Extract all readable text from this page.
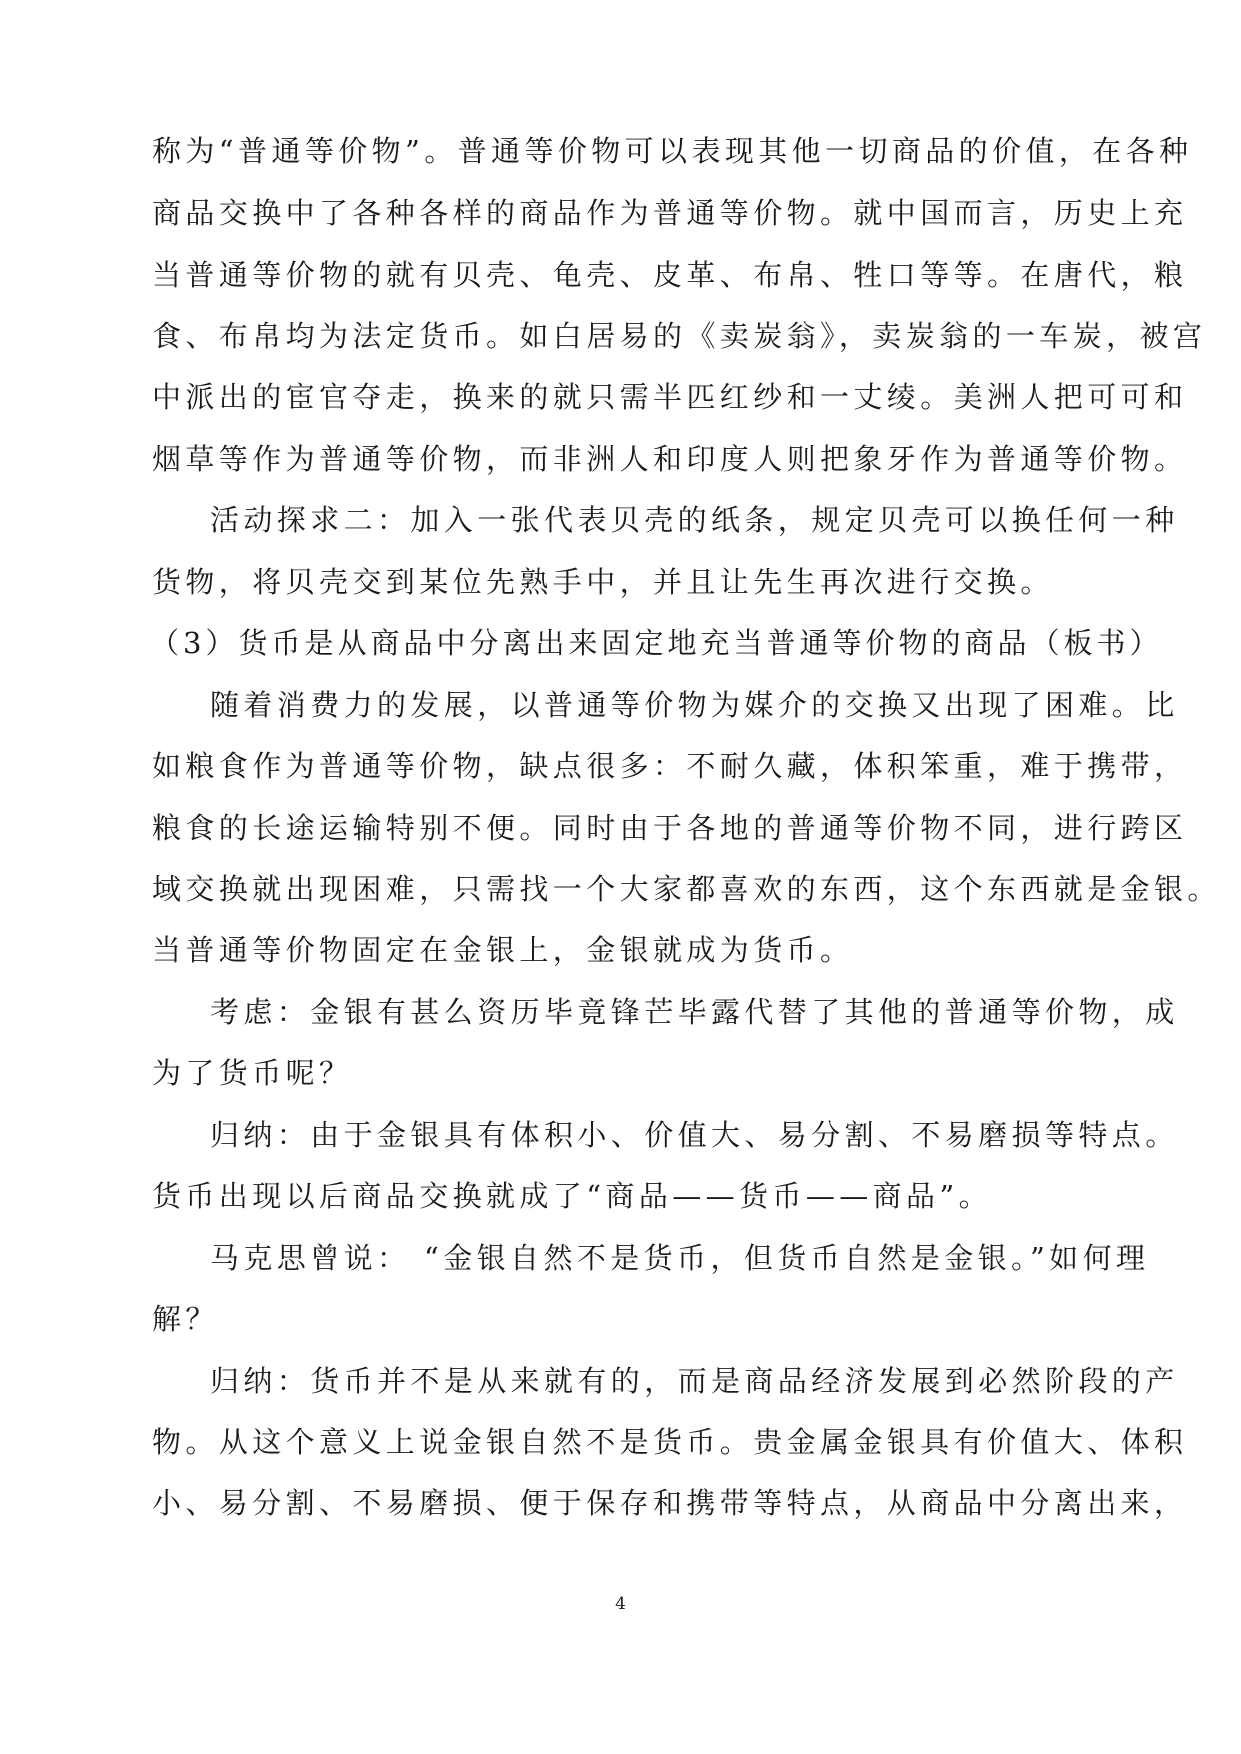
称为“普通等价物”。普通等价物可以表现其他一切商品的价值，在各种
商品交换中了各种各样的商品作为普通等价物。就中国而言，历史上充
当普通等价物的就有贝壳、龟壳、皮革、布帛、牲口等等。在唐代，粮
食、布帛均为法定货币。如白居易的《卖炭翁》，卖炭翁的一车炭，被宫
中派出的宦官夺走，换来的就只需半匹红纱和一丈绫。美洲人把可可和
烟草等作为普通等价物，而非洲人和印度人则把象牙作为普通等价物。
活动探求二：加入一张代表贝壳的纸条，规定贝壳可以换任何一种
货物，将贝壳交到某位先熟手中，并且让先生再次进行交换。
（3）货币是从商品中分离出来固定地充当普通等价物的商品（板书）
随着消费力的发展，以普通等价物为媒介的交换又出现了困难。比
如粮食作为普通等价物，缺点很多：不耐久藏，体积笨重，难于携带，
粮食的长途运输特别不便。同时由于各地的普通等价物不同，进行跨区
域交换就出现困难，只需找一个大家都喜欢的东西，这个东西就是金银。
当普通等价物固定在金银上，金银就成为货币。
考虑：金银有甚么资历毕竟锋芒毕露代替了其他的普通等价物，成
为了货币呢？
归纳：由于金银具有体积小、价值大、易分割、不易磨损等特点。
货币出现以后商品交换就成了“商品——货币——商品”。
马克思曾说： “金银自然不是货币，但货币自然是金银。”如何理
解？
归纳：货币并不是从来就有的，而是商品经济发展到必然阶段的产
物。从这个意义上说金银自然不是货币。贵金属金银具有价值大、体积
小、易分割、不易磨损、便于保存和携带等特点，从商品中分离出来，
4
